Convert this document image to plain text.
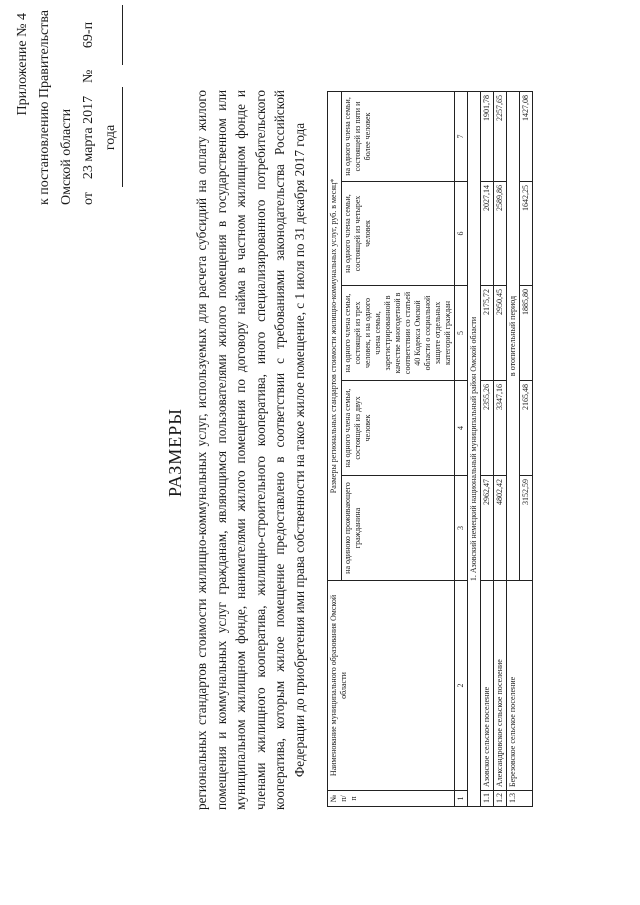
Приложение № 4 к постановлению Правительства Омской области от
23 марта 2017 года
№
69-п
РАЗМЕРЫ региональных стандартов стоимости жилищно-коммунальных услуг, используемых для расчета субсидий на оплату жилого помещения и коммунальных услуг гражданам, являющимся пользователями жилого помещения в государственном или муниципальном жилищном фонде, нанимателями жилого помещения по договору найма в частном жилищном фонде и членами жилищного кооператива, жилищно-строительного кооператива, иного специализированного потребительского кооператива, которым жилое помещение предоставлено в соответствии с требованиями законодательства Российской Федерации до приобретения ими права собственности на такое жилое помещение, с 1 июля по 31 декабря 2017 года
№ п/п	Наименование муниципального образования Омской области	Размеры региональных стандартов стоимости жилищно-коммунальных услуг, руб. в месяц*				
		на одиноко проживающего гражданина	на одного члена семьи, состоящей из двух человек	на одного члена семьи, состоящей из трех человек, и на одного члена семьи, зарегистрированной в качестве многодетной в соответствии со статьей 40 Кодекса Омской области о социальной защите отдельных категорий граждан	на одного члена семьи, состоящей из четырех человек	на одного члена семьи, состоящей из пяти и более человек
1	2	3	4	5	6	7
1. Азовский немецкий национальный муниципальный район Омской области						
1.1	Азовское сельское поселение	2962,47	2355,26	2175,72	2027,14	1901,78
1.2	Александровское сельское поселение	4802,42	3347,16	2950,45	2589,86	2257,65
1.3	Березовское сельское поселение	в отопительный период				
		3152,59	2165,48	1885,80	1642,25	1427,08
